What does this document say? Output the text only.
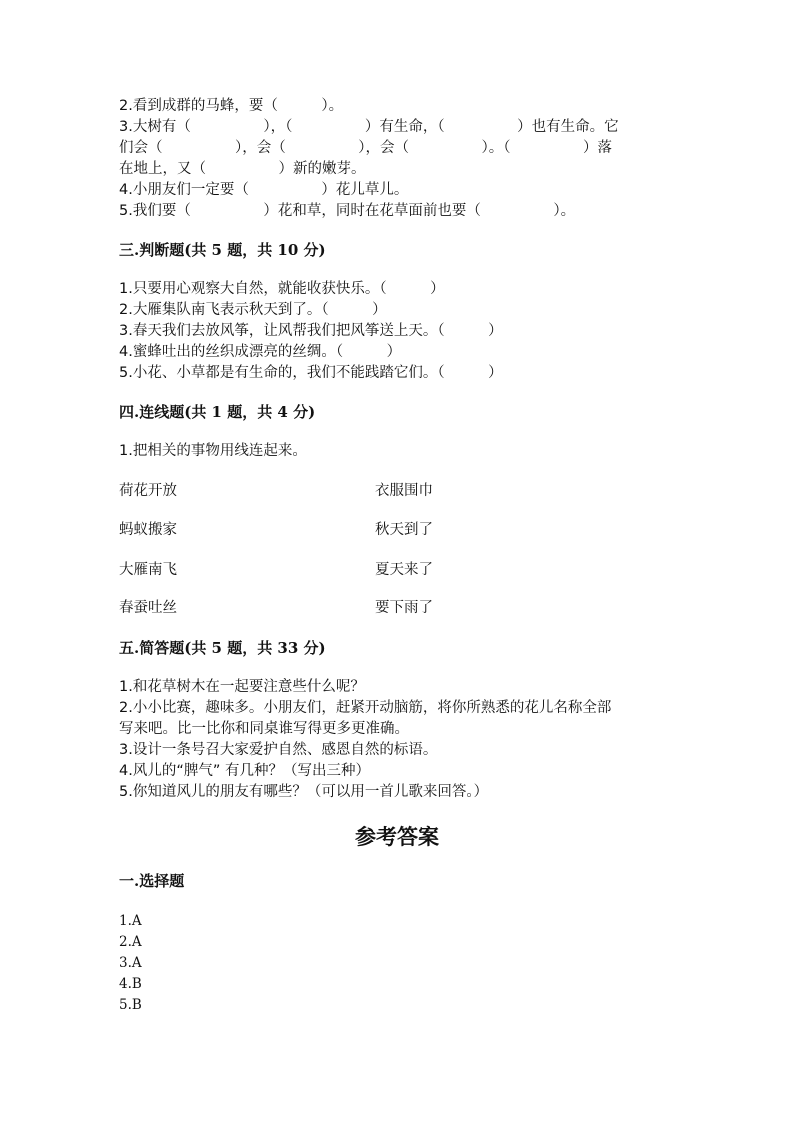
2.看到成群的马蜂，要（　　　）。

3.大树有（　　　　　），（　　　　　）有生命，（　　　　　）也有生命。它

们会（　　　　　），会（　　　　　），会（　　　　　）。（　　　　　）落

在地上，又（　　　　　）新的嫩芽。

4.小朋友们一定要（　　　　　）花儿草儿。

5.我们要（　　　　　）花和草，同时在花草面前也要（　　　　　）。

三.判断题(共 5 题，共 10 分)

1.只要用心观察大自然，就能收获快乐。（　　　）

2.大雁集队南飞表示秋天到了。（　　　）

3.春天我们去放风筝，让风帮我们把风筝送上天。（　　　）

4.蜜蜂吐出的丝织成漂亮的丝绸。（　　　）

5.小花、小草都是有生命的，我们不能践踏它们。（　　　）

四.连线题(共 1 题，共 4 分)

1.把相关的事物用线连起来。

荷花开放	衣服围巾

蚂蚁搬家	秋天到了

大雁南飞	夏天来了

春蚕吐丝	要下雨了

五.简答题(共 5 题，共 33 分)

1.和花草树木在一起要注意些什么呢？

2.小小比赛，趣味多。小朋友们，赶紧开动脑筋，将你所熟悉的花儿名称全部

写来吧。比一比你和同桌谁写得更多更准确。

3.设计一条号召大家爱护自然、感恩自然的标语。

4.风儿的“脾气” 有几种？（写出三种）

5.你知道风儿的朋友有哪些？（可以用一首儿歌来回答。）

参考答案

一.选择题

1.A

2.A

3.A

4.B

5.B
